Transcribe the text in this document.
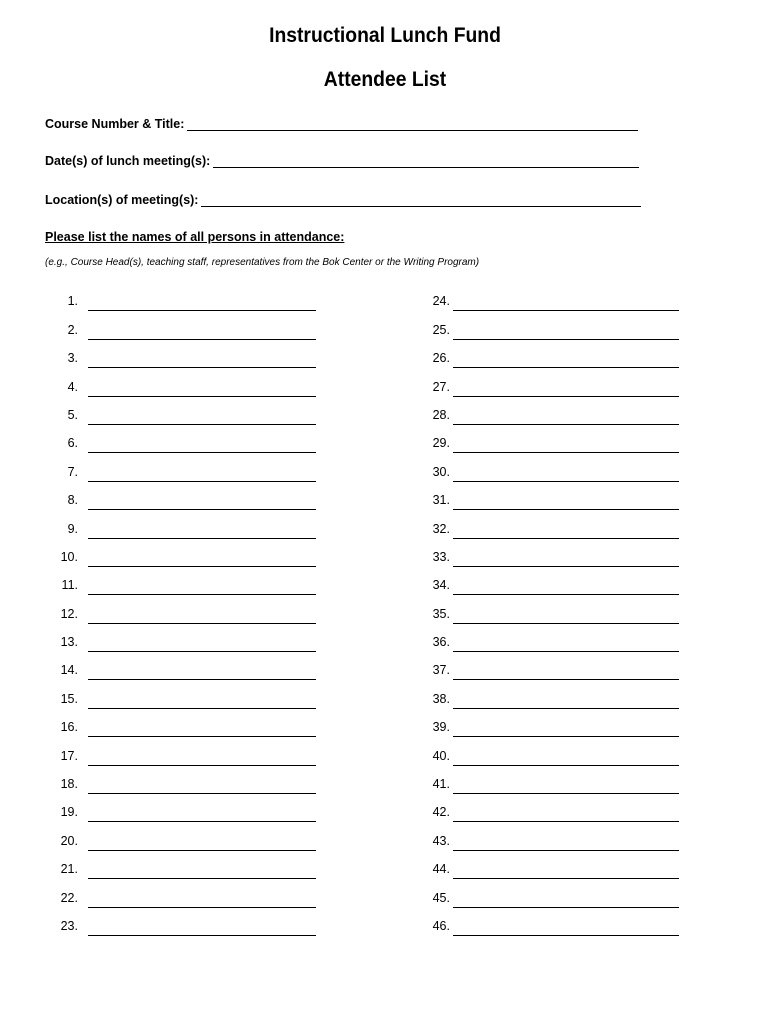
Instructional Lunch Fund
Attendee List
Course Number & Title:
Date(s) of lunch meeting(s):
Location(s) of meeting(s):
Please list the names of all persons in attendance:
(e.g., Course Head(s), teaching staff, representatives from the Bok Center or the Writing Program)
1.
2.
3.
4.
5.
6.
7.
8.
9.
10.
11.
12.
13.
14.
15.
16.
17.
18.
19.
20.
21.
22.
23.
24.
25.
26.
27.
28.
29.
30.
31.
32.
33.
34.
35.
36.
37.
38.
39.
40.
41.
42.
43.
44.
45.
46.
